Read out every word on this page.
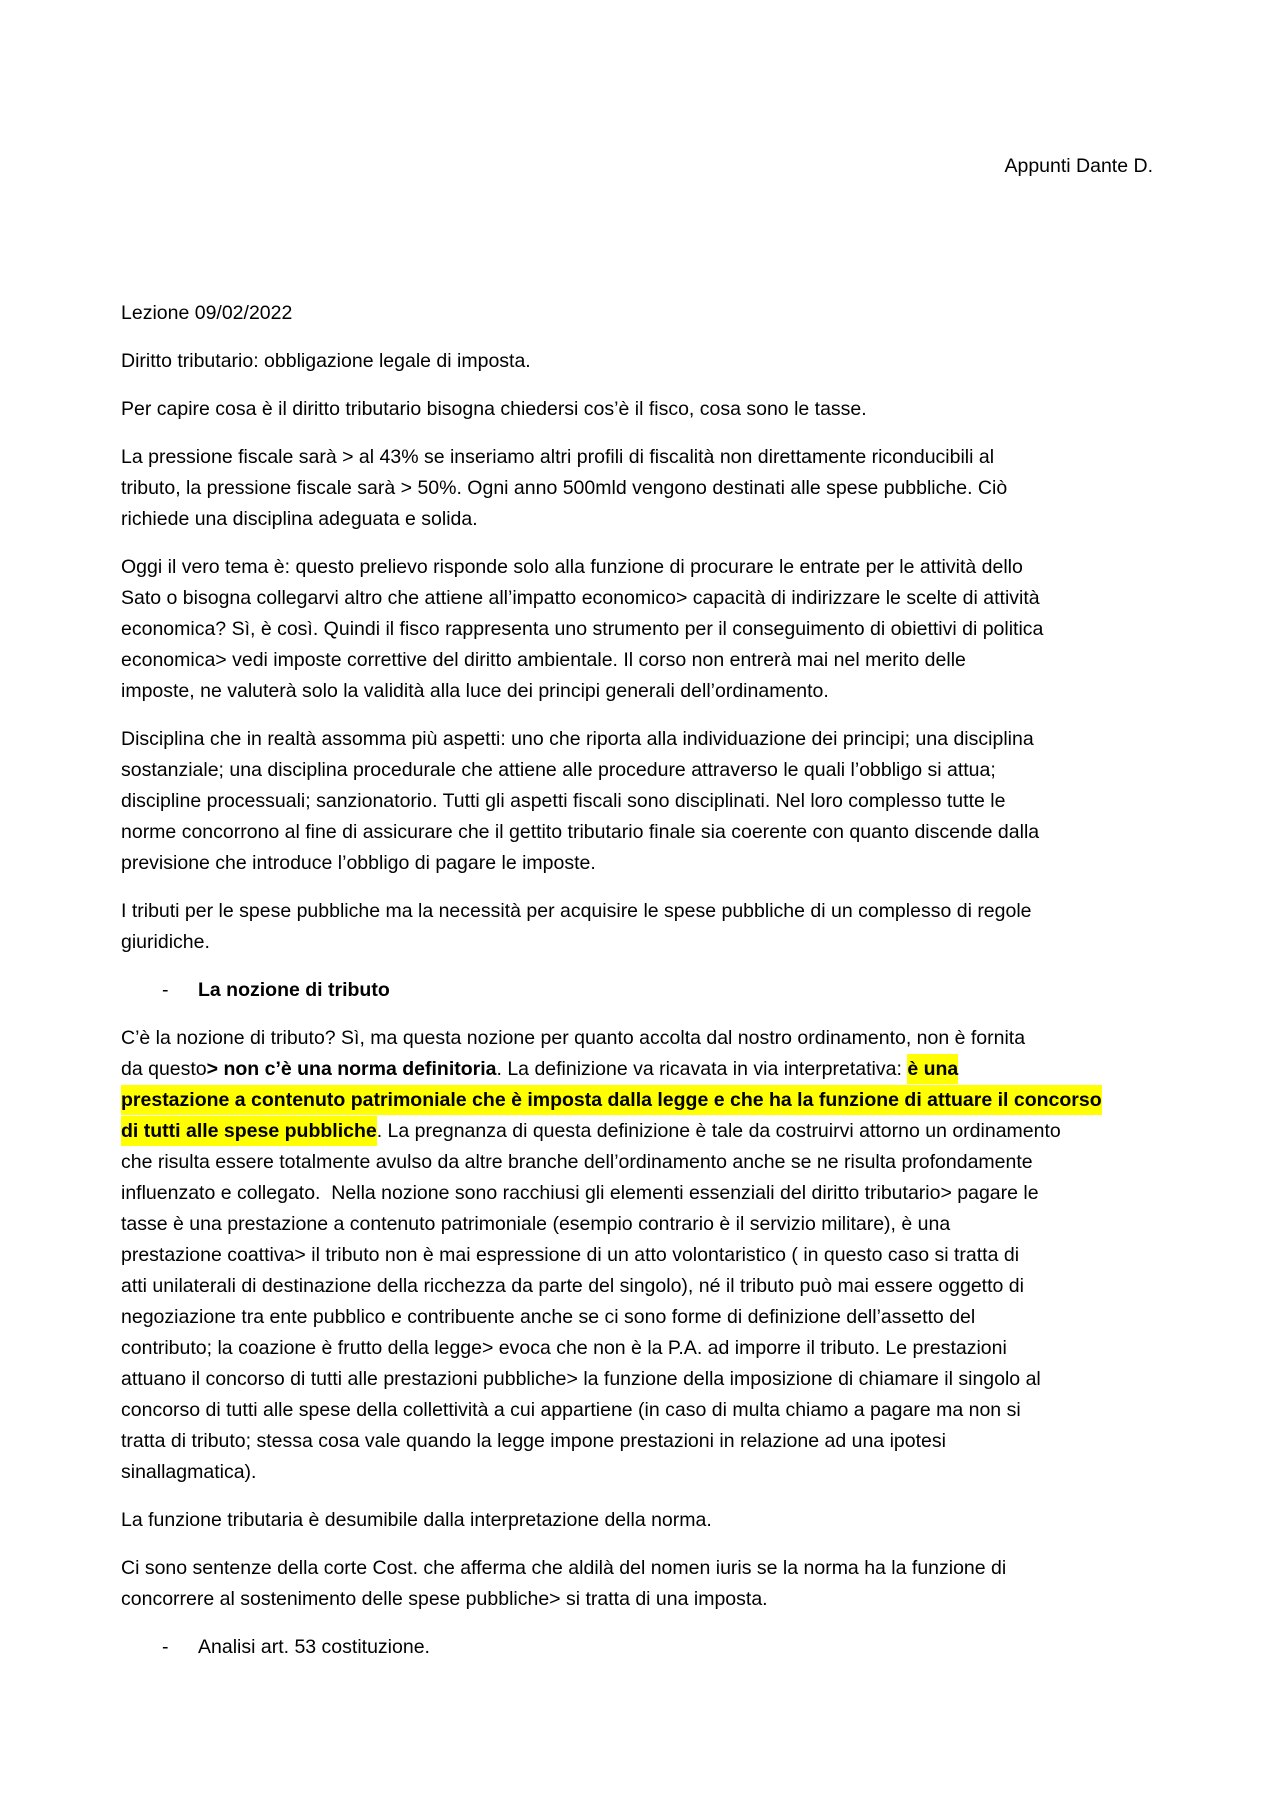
Appunti Dante D.
Lezione 09/02/2022
Diritto tributario: obbligazione legale di imposta.
Per capire cosa è il diritto tributario bisogna chiedersi cos’è il fisco, cosa sono le tasse.
La pressione fiscale sarà > al 43% se inseriamo altri profili di fiscalità non direttamente riconducibili al
tributo, la pressione fiscale sarà > 50%. Ogni anno 500mld vengono destinati alle spese pubbliche. Ciò
richiede una disciplina adeguata e solida.
Oggi il vero tema è: questo prelievo risponde solo alla funzione di procurare le entrate per le attività dello
Sato o bisogna collegarvi altro che attiene all’impatto economico> capacità di indirizzare le scelte di attività
economica? Sì, è così. Quindi il fisco rappresenta uno strumento per il conseguimento di obiettivi di politica
economica> vedi imposte correttive del diritto ambientale. Il corso non entrerà mai nel merito delle
imposte, ne valuterà solo la validità alla luce dei principi generali dell’ordinamento.
Disciplina che in realtà assomma più aspetti: uno che riporta alla individuazione dei principi; una disciplina
sostanziale; una disciplina procedurale che attiene alle procedure attraverso le quali l’obbligo si attua;
discipline processuali; sanzionatorio. Tutti gli aspetti fiscali sono disciplinati. Nel loro complesso tutte le
norme concorrono al fine di assicurare che il gettito tributario finale sia coerente con quanto discende dalla
previsione che introduce l’obbligo di pagare le imposte.
I tributi per le spese pubbliche ma la necessità per acquisire le spese pubbliche di un complesso di regole
giuridiche.
-	La nozione di tributo
C’è la nozione di tributo? Sì, ma questa nozione per quanto accolta dal nostro ordinamento, non è fornita
da questo> non c’è una norma definitoria. La definizione va ricavata in via interpretativa: è una
prestazione a contenuto patrimoniale che è imposta dalla legge e che ha la funzione di attuare il concorso
di tutti alle spese pubbliche. La pregnanza di questa definizione è tale da costruirvi attorno un ordinamento
che risulta essere totalmente avulso da altre branche dell’ordinamento anche se ne risulta profondamente
influenzato e collegato.  Nella nozione sono racchiusi gli elementi essenziali del diritto tributario> pagare le
tasse è una prestazione a contenuto patrimoniale (esempio contrario è il servizio militare), è una
prestazione coattiva> il tributo non è mai espressione di un atto volontaristico ( in questo caso si tratta di
atti unilaterali di destinazione della ricchezza da parte del singolo), né il tributo può mai essere oggetto di
negoziazione tra ente pubblico e contribuente anche se ci sono forme di definizione dell’assetto del
contributo; la coazione è frutto della legge> evoca che non è la P.A. ad imporre il tributo. Le prestazioni
attuano il concorso di tutti alle prestazioni pubbliche> la funzione della imposizione di chiamare il singolo al
concorso di tutti alle spese della collettività a cui appartiene (in caso di multa chiamo a pagare ma non si
tratta di tributo; stessa cosa vale quando la legge impone prestazioni in relazione ad una ipotesi
sinallagmatica).
La funzione tributaria è desumibile dalla interpretazione della norma.
Ci sono sentenze della corte Cost. che afferma che aldilà del nomen iuris se la norma ha la funzione di
concorrere al sostenimento delle spese pubbliche> si tratta di una imposta.
-	Analisi art. 53 costituzione.
